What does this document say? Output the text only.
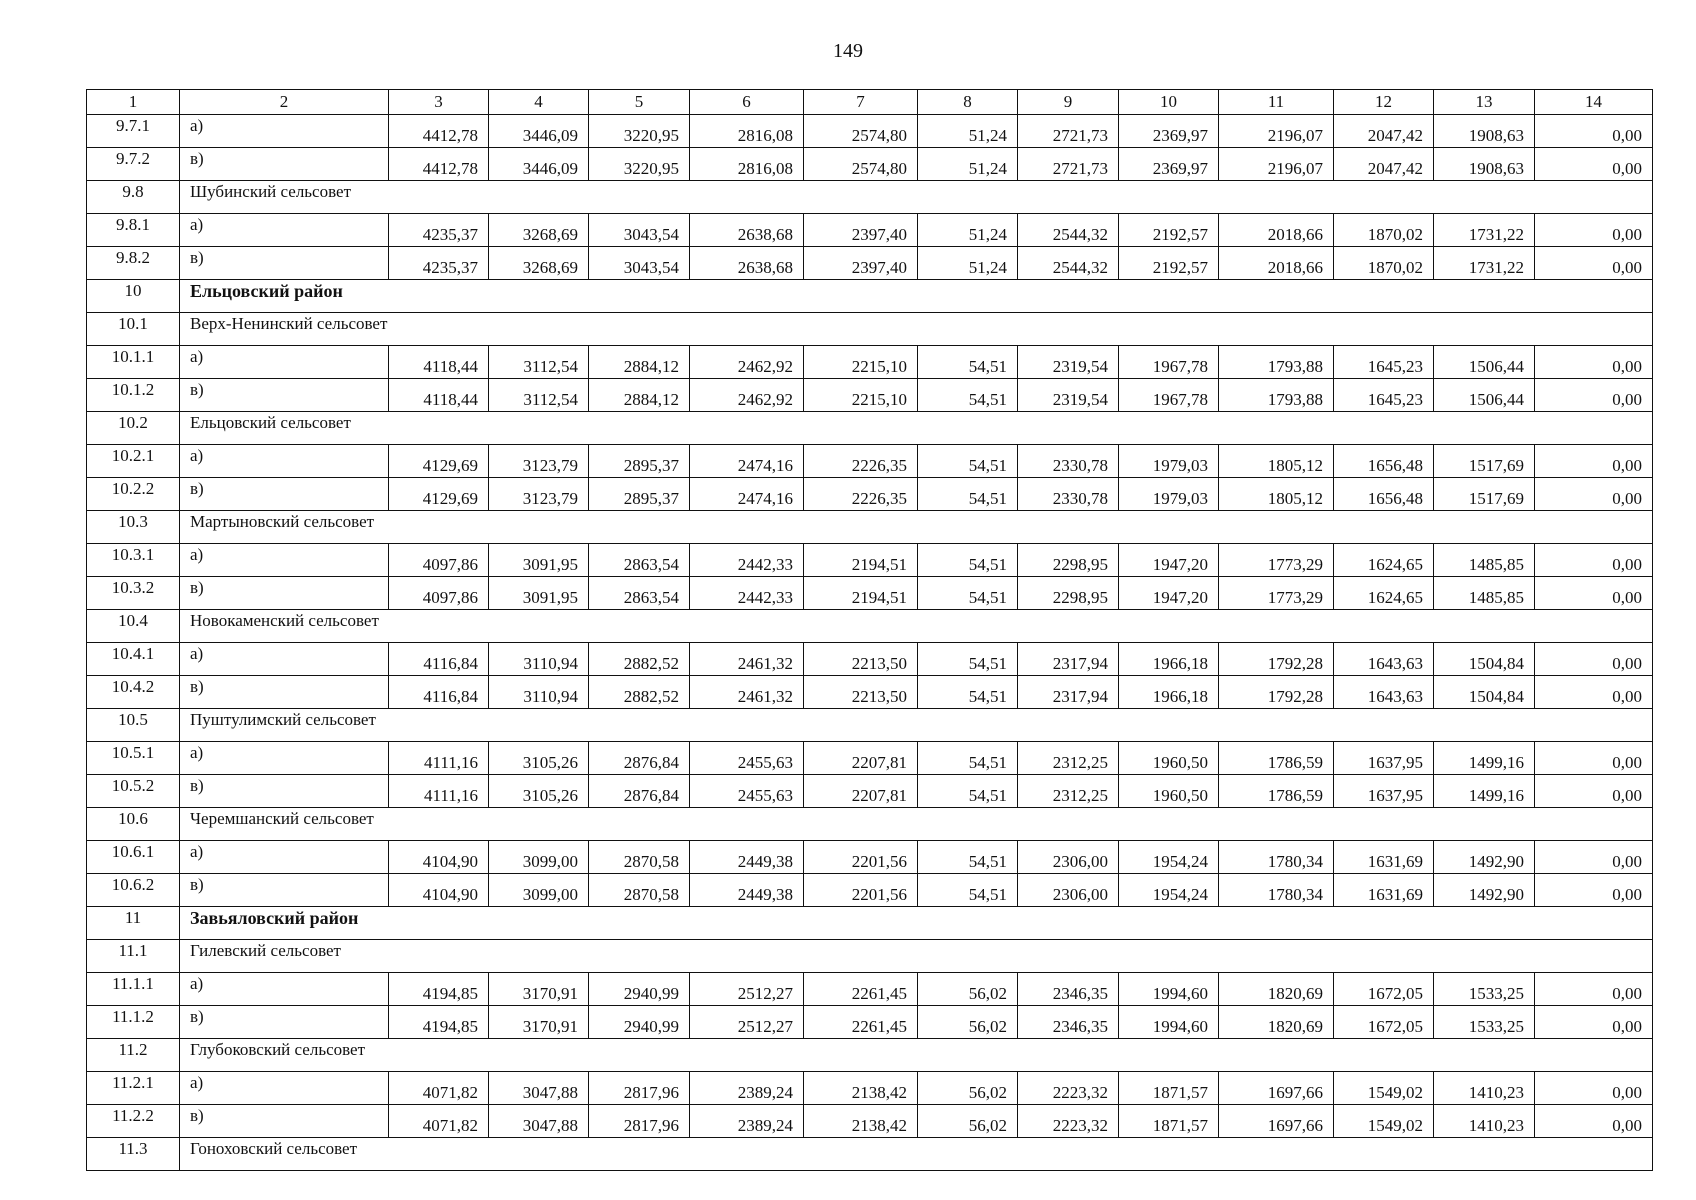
149
1	2	3	4	5	6	7	8	9	10	11	12	13	14
9.7.1	а)	4412,78	3446,09	3220,95	2816,08	2574,80	51,24	2721,73	2369,97	2196,07	2047,42	1908,63	0,00
9.7.2	в)	4412,78	3446,09	3220,95	2816,08	2574,80	51,24	2721,73	2369,97	2196,07	2047,42	1908,63	0,00
9.8	Шубинский сельсовет												
9.8.1	а)	4235,37	3268,69	3043,54	2638,68	2397,40	51,24	2544,32	2192,57	2018,66	1870,02	1731,22	0,00
9.8.2	в)	4235,37	3268,69	3043,54	2638,68	2397,40	51,24	2544,32	2192,57	2018,66	1870,02	1731,22	0,00
10	Ельцовский район												
10.1	Верх-Ненинский сельсовет												
10.1.1	а)	4118,44	3112,54	2884,12	2462,92	2215,10	54,51	2319,54	1967,78	1793,88	1645,23	1506,44	0,00
10.1.2	в)	4118,44	3112,54	2884,12	2462,92	2215,10	54,51	2319,54	1967,78	1793,88	1645,23	1506,44	0,00
10.2	Ельцовский сельсовет												
10.2.1	а)	4129,69	3123,79	2895,37	2474,16	2226,35	54,51	2330,78	1979,03	1805,12	1656,48	1517,69	0,00
10.2.2	в)	4129,69	3123,79	2895,37	2474,16	2226,35	54,51	2330,78	1979,03	1805,12	1656,48	1517,69	0,00
10.3	Мартыновский сельсовет												
10.3.1	а)	4097,86	3091,95	2863,54	2442,33	2194,51	54,51	2298,95	1947,20	1773,29	1624,65	1485,85	0,00
10.3.2	в)	4097,86	3091,95	2863,54	2442,33	2194,51	54,51	2298,95	1947,20	1773,29	1624,65	1485,85	0,00
10.4	Новокаменский сельсовет												
10.4.1	а)	4116,84	3110,94	2882,52	2461,32	2213,50	54,51	2317,94	1966,18	1792,28	1643,63	1504,84	0,00
10.4.2	в)	4116,84	3110,94	2882,52	2461,32	2213,50	54,51	2317,94	1966,18	1792,28	1643,63	1504,84	0,00
10.5	Пуштулимский сельсовет												
10.5.1	а)	4111,16	3105,26	2876,84	2455,63	2207,81	54,51	2312,25	1960,50	1786,59	1637,95	1499,16	0,00
10.5.2	в)	4111,16	3105,26	2876,84	2455,63	2207,81	54,51	2312,25	1960,50	1786,59	1637,95	1499,16	0,00
10.6	Черемшанский сельсовет												
10.6.1	а)	4104,90	3099,00	2870,58	2449,38	2201,56	54,51	2306,00	1954,24	1780,34	1631,69	1492,90	0,00
10.6.2	в)	4104,90	3099,00	2870,58	2449,38	2201,56	54,51	2306,00	1954,24	1780,34	1631,69	1492,90	0,00
11	Завьяловский район												
11.1	Гилевский сельсовет												
11.1.1	а)	4194,85	3170,91	2940,99	2512,27	2261,45	56,02	2346,35	1994,60	1820,69	1672,05	1533,25	0,00
11.1.2	в)	4194,85	3170,91	2940,99	2512,27	2261,45	56,02	2346,35	1994,60	1820,69	1672,05	1533,25	0,00
11.2	Глубоковский сельсовет												
11.2.1	а)	4071,82	3047,88	2817,96	2389,24	2138,42	56,02	2223,32	1871,57	1697,66	1549,02	1410,23	0,00
11.2.2	в)	4071,82	3047,88	2817,96	2389,24	2138,42	56,02	2223,32	1871,57	1697,66	1549,02	1410,23	0,00
11.3	Гоноховский сельсовет												
